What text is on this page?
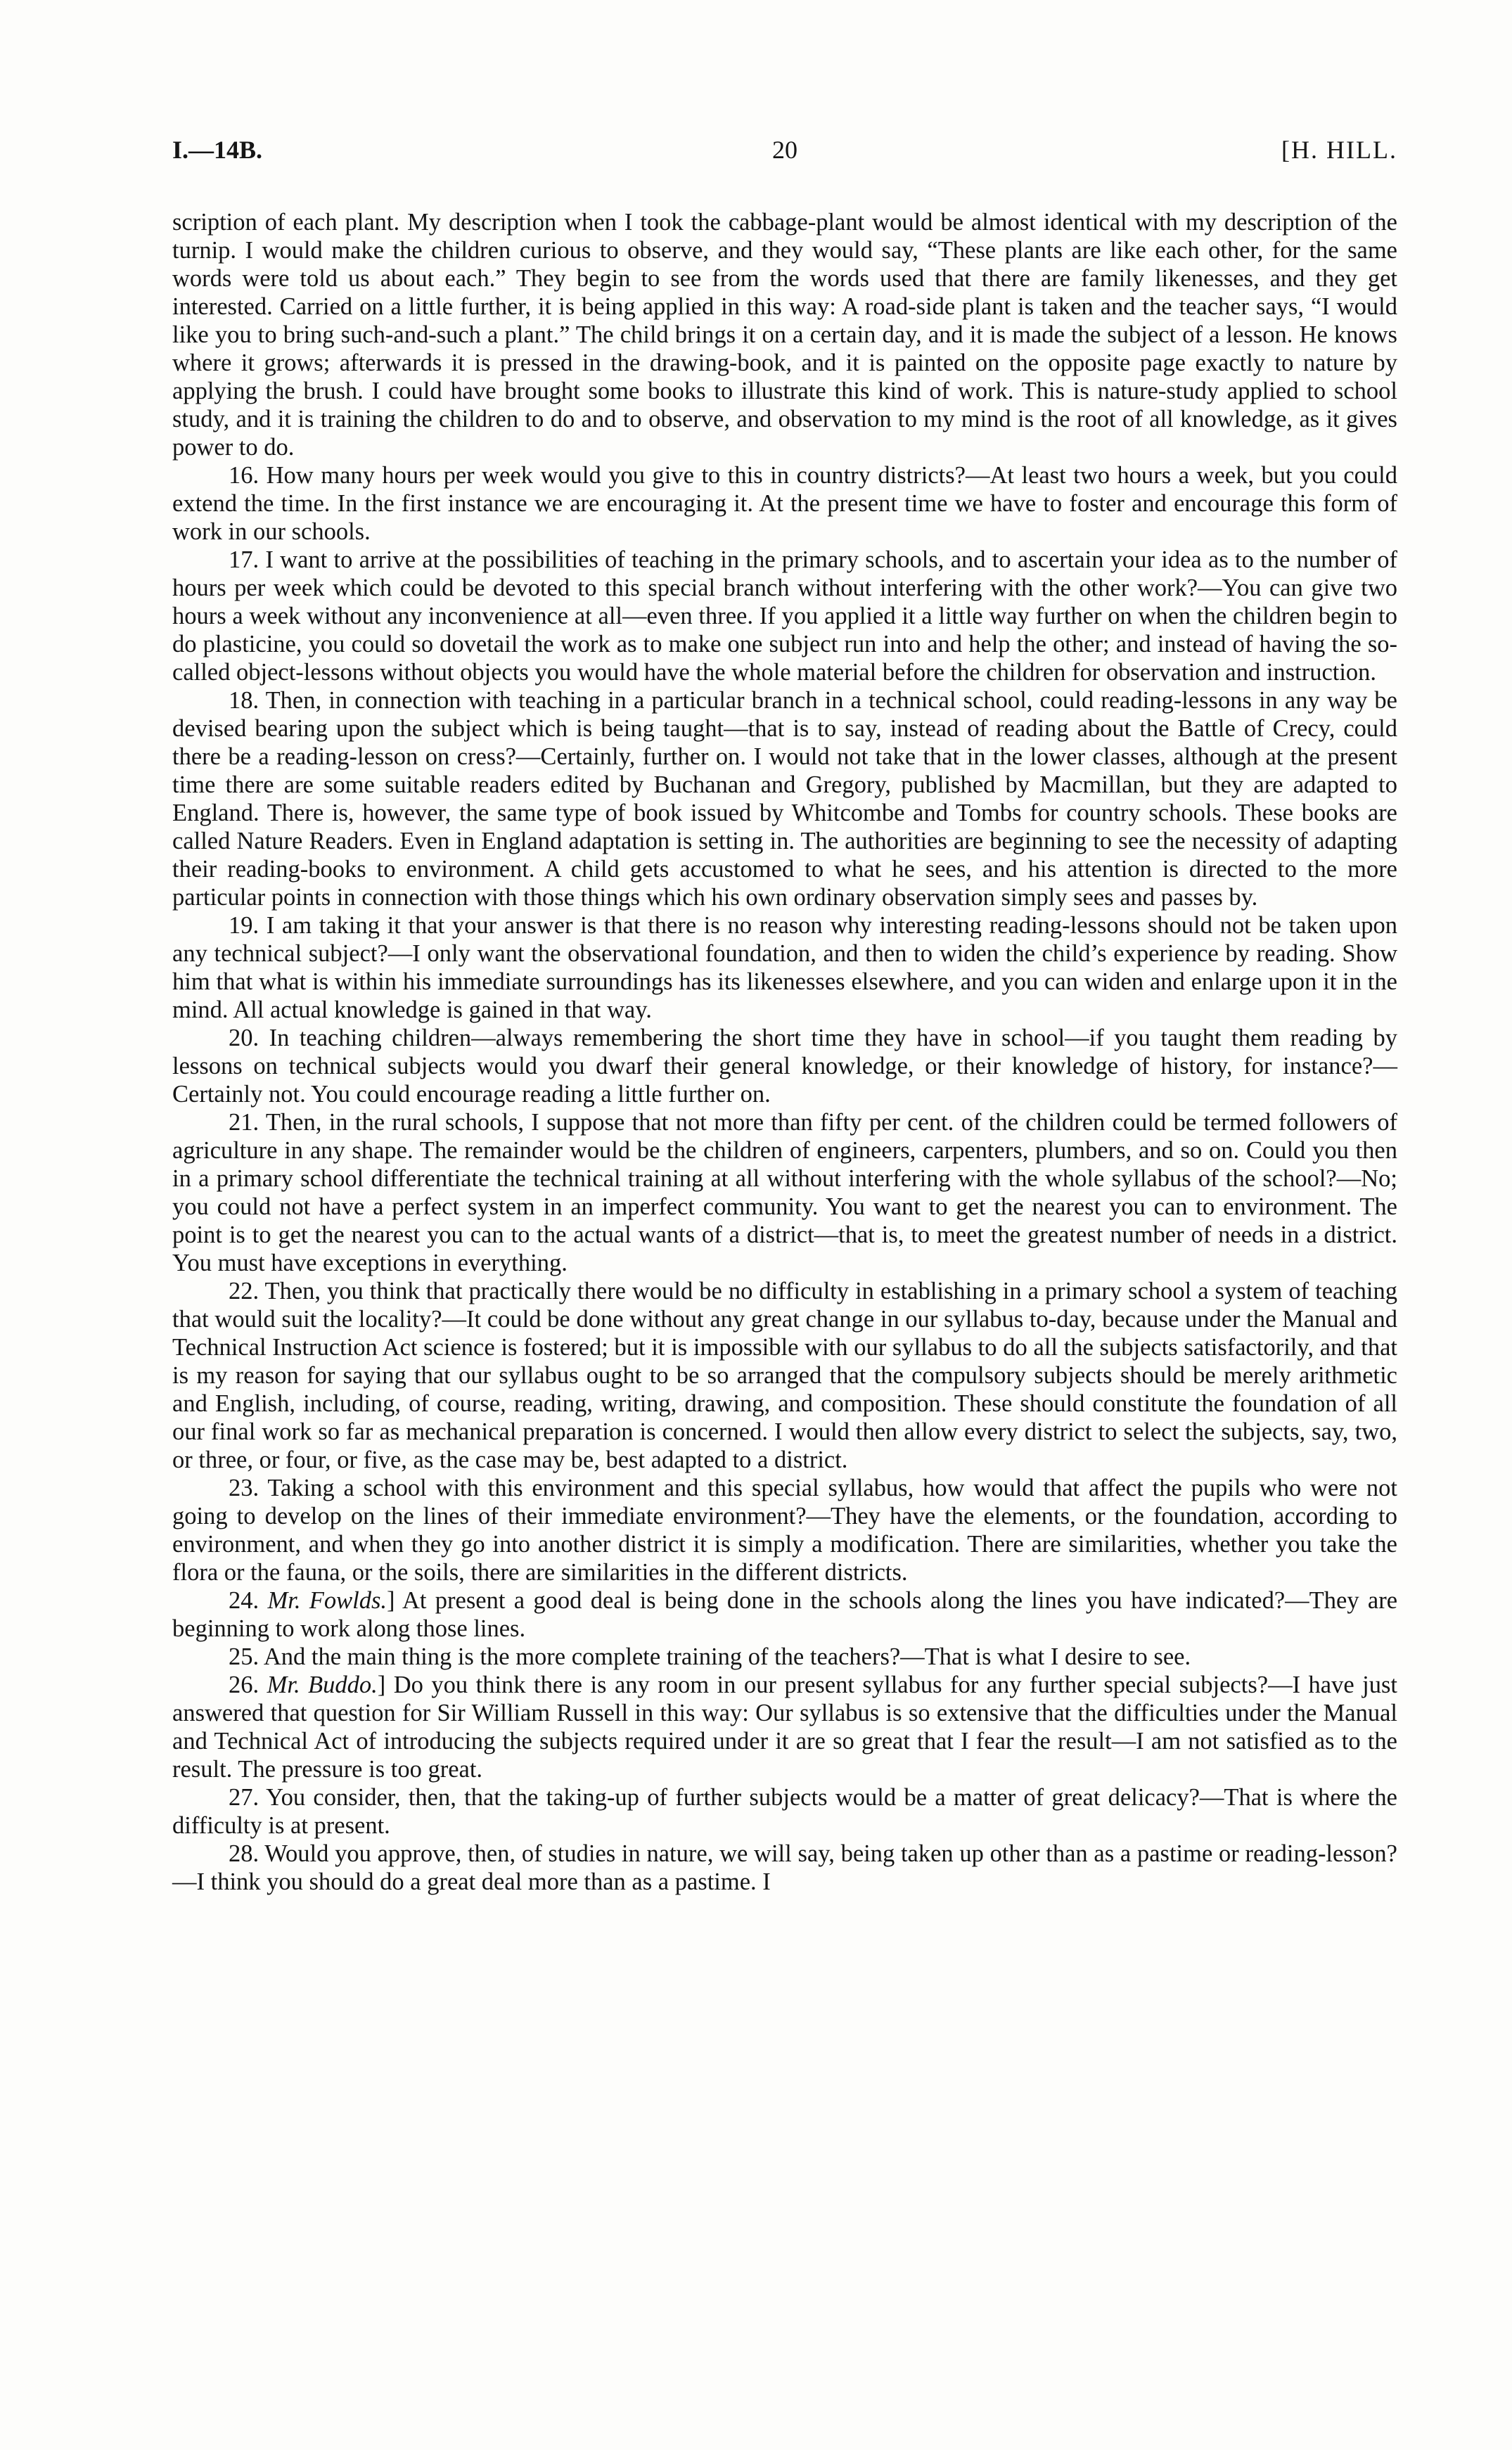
I.—14B.	20	[H. HILL.

scription of each plant. My description when I took the cabbage-plant would be almost identical with my description of the turnip. I would make the children curious to observe, and they would say, “These plants are like each other, for the same words were told us about each.” They begin to see from the words used that there are family likenesses, and they get interested. Carried on a little further, it is being applied in this way: A road-side plant is taken and the teacher says, “I would like you to bring such-and-such a plant.” The child brings it on a certain day, and it is made the subject of a lesson. He knows where it grows; afterwards it is pressed in the drawing-book, and it is painted on the opposite page exactly to nature by applying the brush. I could have brought some books to illustrate this kind of work. This is nature-study applied to school study, and it is training the children to do and to observe, and observation to my mind is the root of all knowledge, as it gives power to do.

16. How many hours per week would you give to this in country districts?—At least two hours a week, but you could extend the time. In the first instance we are encouraging it. At the present time we have to foster and encourage this form of work in our schools.

17. I want to arrive at the possibilities of teaching in the primary schools, and to ascertain your idea as to the number of hours per week which could be devoted to this special branch without interfering with the other work?—You can give two hours a week without any inconvenience at all—even three. If you applied it a little way further on when the children begin to do plasticine, you could so dovetail the work as to make one subject run into and help the other; and instead of having the so-called object-lessons without objects you would have the whole material before the children for observation and instruction.

18. Then, in connection with teaching in a particular branch in a technical school, could reading-lessons in any way be devised bearing upon the subject which is being taught—that is to say, instead of reading about the Battle of Crecy, could there be a reading-lesson on cress?—Certainly, further on. I would not take that in the lower classes, although at the present time there are some suitable readers edited by Buchanan and Gregory, published by Macmillan, but they are adapted to England. There is, however, the same type of book issued by Whitcombe and Tombs for country schools. These books are called Nature Readers. Even in England adaptation is setting in. The authorities are beginning to see the necessity of adapting their reading-books to environment. A child gets accustomed to what he sees, and his attention is directed to the more particular points in connection with those things which his own ordinary observation simply sees and passes by.

19. I am taking it that your answer is that there is no reason why interesting reading-lessons should not be taken upon any technical subject?—I only want the observational foundation, and then to widen the child’s experience by reading. Show him that what is within his immediate surroundings has its likenesses elsewhere, and you can widen and enlarge upon it in the mind. All actual knowledge is gained in that way.

20. In teaching children—always remembering the short time they have in school—if you taught them reading by lessons on technical subjects would you dwarf their general knowledge, or their knowledge of history, for instance?—Certainly not. You could encourage reading a little further on.

21. Then, in the rural schools, I suppose that not more than fifty per cent. of the children could be termed followers of agriculture in any shape. The remainder would be the children of engineers, carpenters, plumbers, and so on. Could you then in a primary school differentiate the technical training at all without interfering with the whole syllabus of the school?—No; you could not have a perfect system in an imperfect community. You want to get the nearest you can to environment. The point is to get the nearest you can to the actual wants of a district—that is, to meet the greatest number of needs in a district. You must have exceptions in everything.

22. Then, you think that practically there would be no difficulty in establishing in a primary school a system of teaching that would suit the locality?—It could be done without any great change in our syllabus to-day, because under the Manual and Technical Instruction Act science is fostered; but it is impossible with our syllabus to do all the subjects satisfactorily, and that is my reason for saying that our syllabus ought to be so arranged that the compulsory subjects should be merely arithmetic and English, including, of course, reading, writing, drawing, and composition. These should constitute the foundation of all our final work so far as mechanical preparation is concerned. I would then allow every district to select the subjects, say, two, or three, or four, or five, as the case may be, best adapted to a district.

23. Taking a school with this environment and this special syllabus, how would that affect the pupils who were not going to develop on the lines of their immediate environment?—They have the elements, or the foundation, according to environment, and when they go into another district it is simply a modification. There are similarities, whether you take the flora or the fauna, or the soils, there are similarities in the different districts.

24. Mr. Fowlds.] At present a good deal is being done in the schools along the lines you have indicated?—They are beginning to work along those lines.

25. And the main thing is the more complete training of the teachers?—That is what I desire to see.

26. Mr. Buddo.] Do you think there is any room in our present syllabus for any further special subjects?—I have just answered that question for Sir William Russell in this way: Our syllabus is so extensive that the difficulties under the Manual and Technical Act of introducing the subjects required under it are so great that I fear the result—I am not satisfied as to the result. The pressure is too great.

27. You consider, then, that the taking-up of further subjects would be a matter of great delicacy?—That is where the difficulty is at present.

28. Would you approve, then, of studies in nature, we will say, being taken up other than as a pastime or reading-lesson?—I think you should do a great deal more than as a pastime. I
